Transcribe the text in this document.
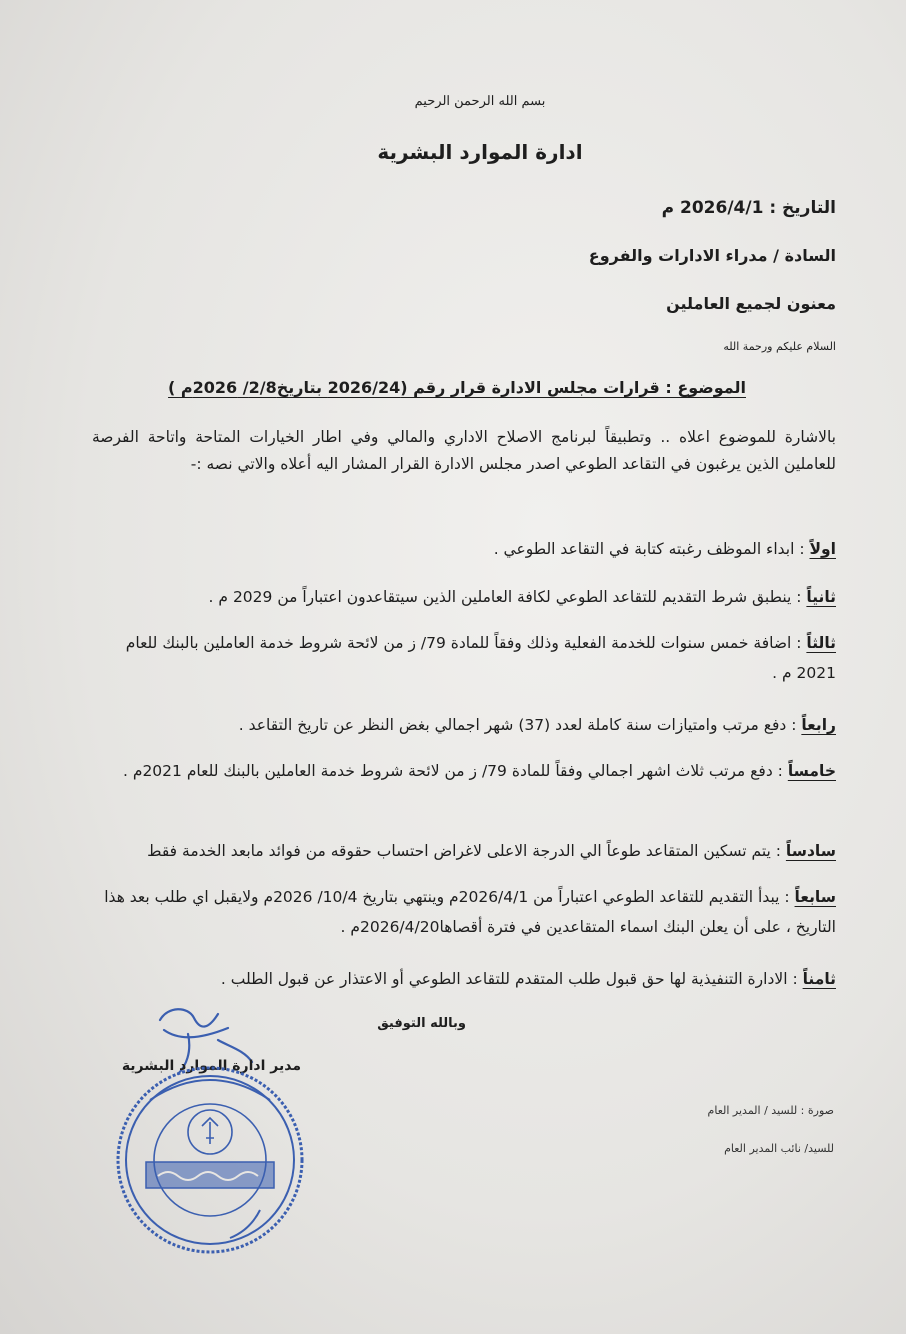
بسم الله الرحمن الرحيم
ادارة الموارد البشرية
التاريخ : 2026/4/1 م
السادة / مدراء الادارات والفروع
معنون لجميع العاملين
السلام عليكم ورحمة الله
الموضوع : قرارات مجلس الادارة قرار رقم (2026/24 بتاريخ2/8/ 2026م )
بالاشارة للموضوع اعلاه .. وتطبيقاً لبرنامج الاصلاح الاداري والمالي وفي اطار الخيارات المتاحة واتاحة الفرصة للعاملين الذين يرغبون في التقاعد الطوعي اصدر مجلس الادارة القرار المشار اليه أعلاه والاتي نصه :-
اولاً : ابداء الموظف رغبته كتابة في التقاعد الطوعي .
ثانياً : ينطبق شرط التقديم للتقاعد الطوعي لكافة العاملين الذين سيتقاعدون اعتباراً من 2029 م .
ثالثاً : اضافة خمس سنوات للخدمة الفعلية وذلك وفقاً للمادة 79/ ز من لائحة شروط خدمة العاملين بالبنك للعام 2021 م .
رابعاً : دفع مرتب وامتيازات سنة كاملة لعدد (37) شهر اجمالي بغض النظر عن تاريخ التقاعد .
خامساً : دفع مرتب ثلاث اشهر اجمالي وفقاً للمادة 79/ ز من لائحة شروط خدمة العاملين بالبنك للعام 2021م .
سادساً : يتم تسكين المتقاعد طوعاً الي الدرجة الاعلى لاغراض احتساب حقوقه من فوائد مابعد الخدمة فقط
سابعاً : يبدأ التقديم للتقاعد الطوعي اعتباراً من 2026/4/1م وينتهي بتاريخ 10/4/ 2026م ولايقبل اي طلب بعد هذا التاريخ ، على أن يعلن البنك اسماء المتقاعدين في فترة أقصاها2026/4/20م .
ثامناً : الادارة التنفيذية لها حق قبول طلب المتقدم للتقاعد الطوعي أو الاعتذار عن قبول الطلب .
وبالله التوفيق
مدير ادارة الموارد البشرية
صورة : للسيد / المدير العام
للسيد/ نائب المدير العام
